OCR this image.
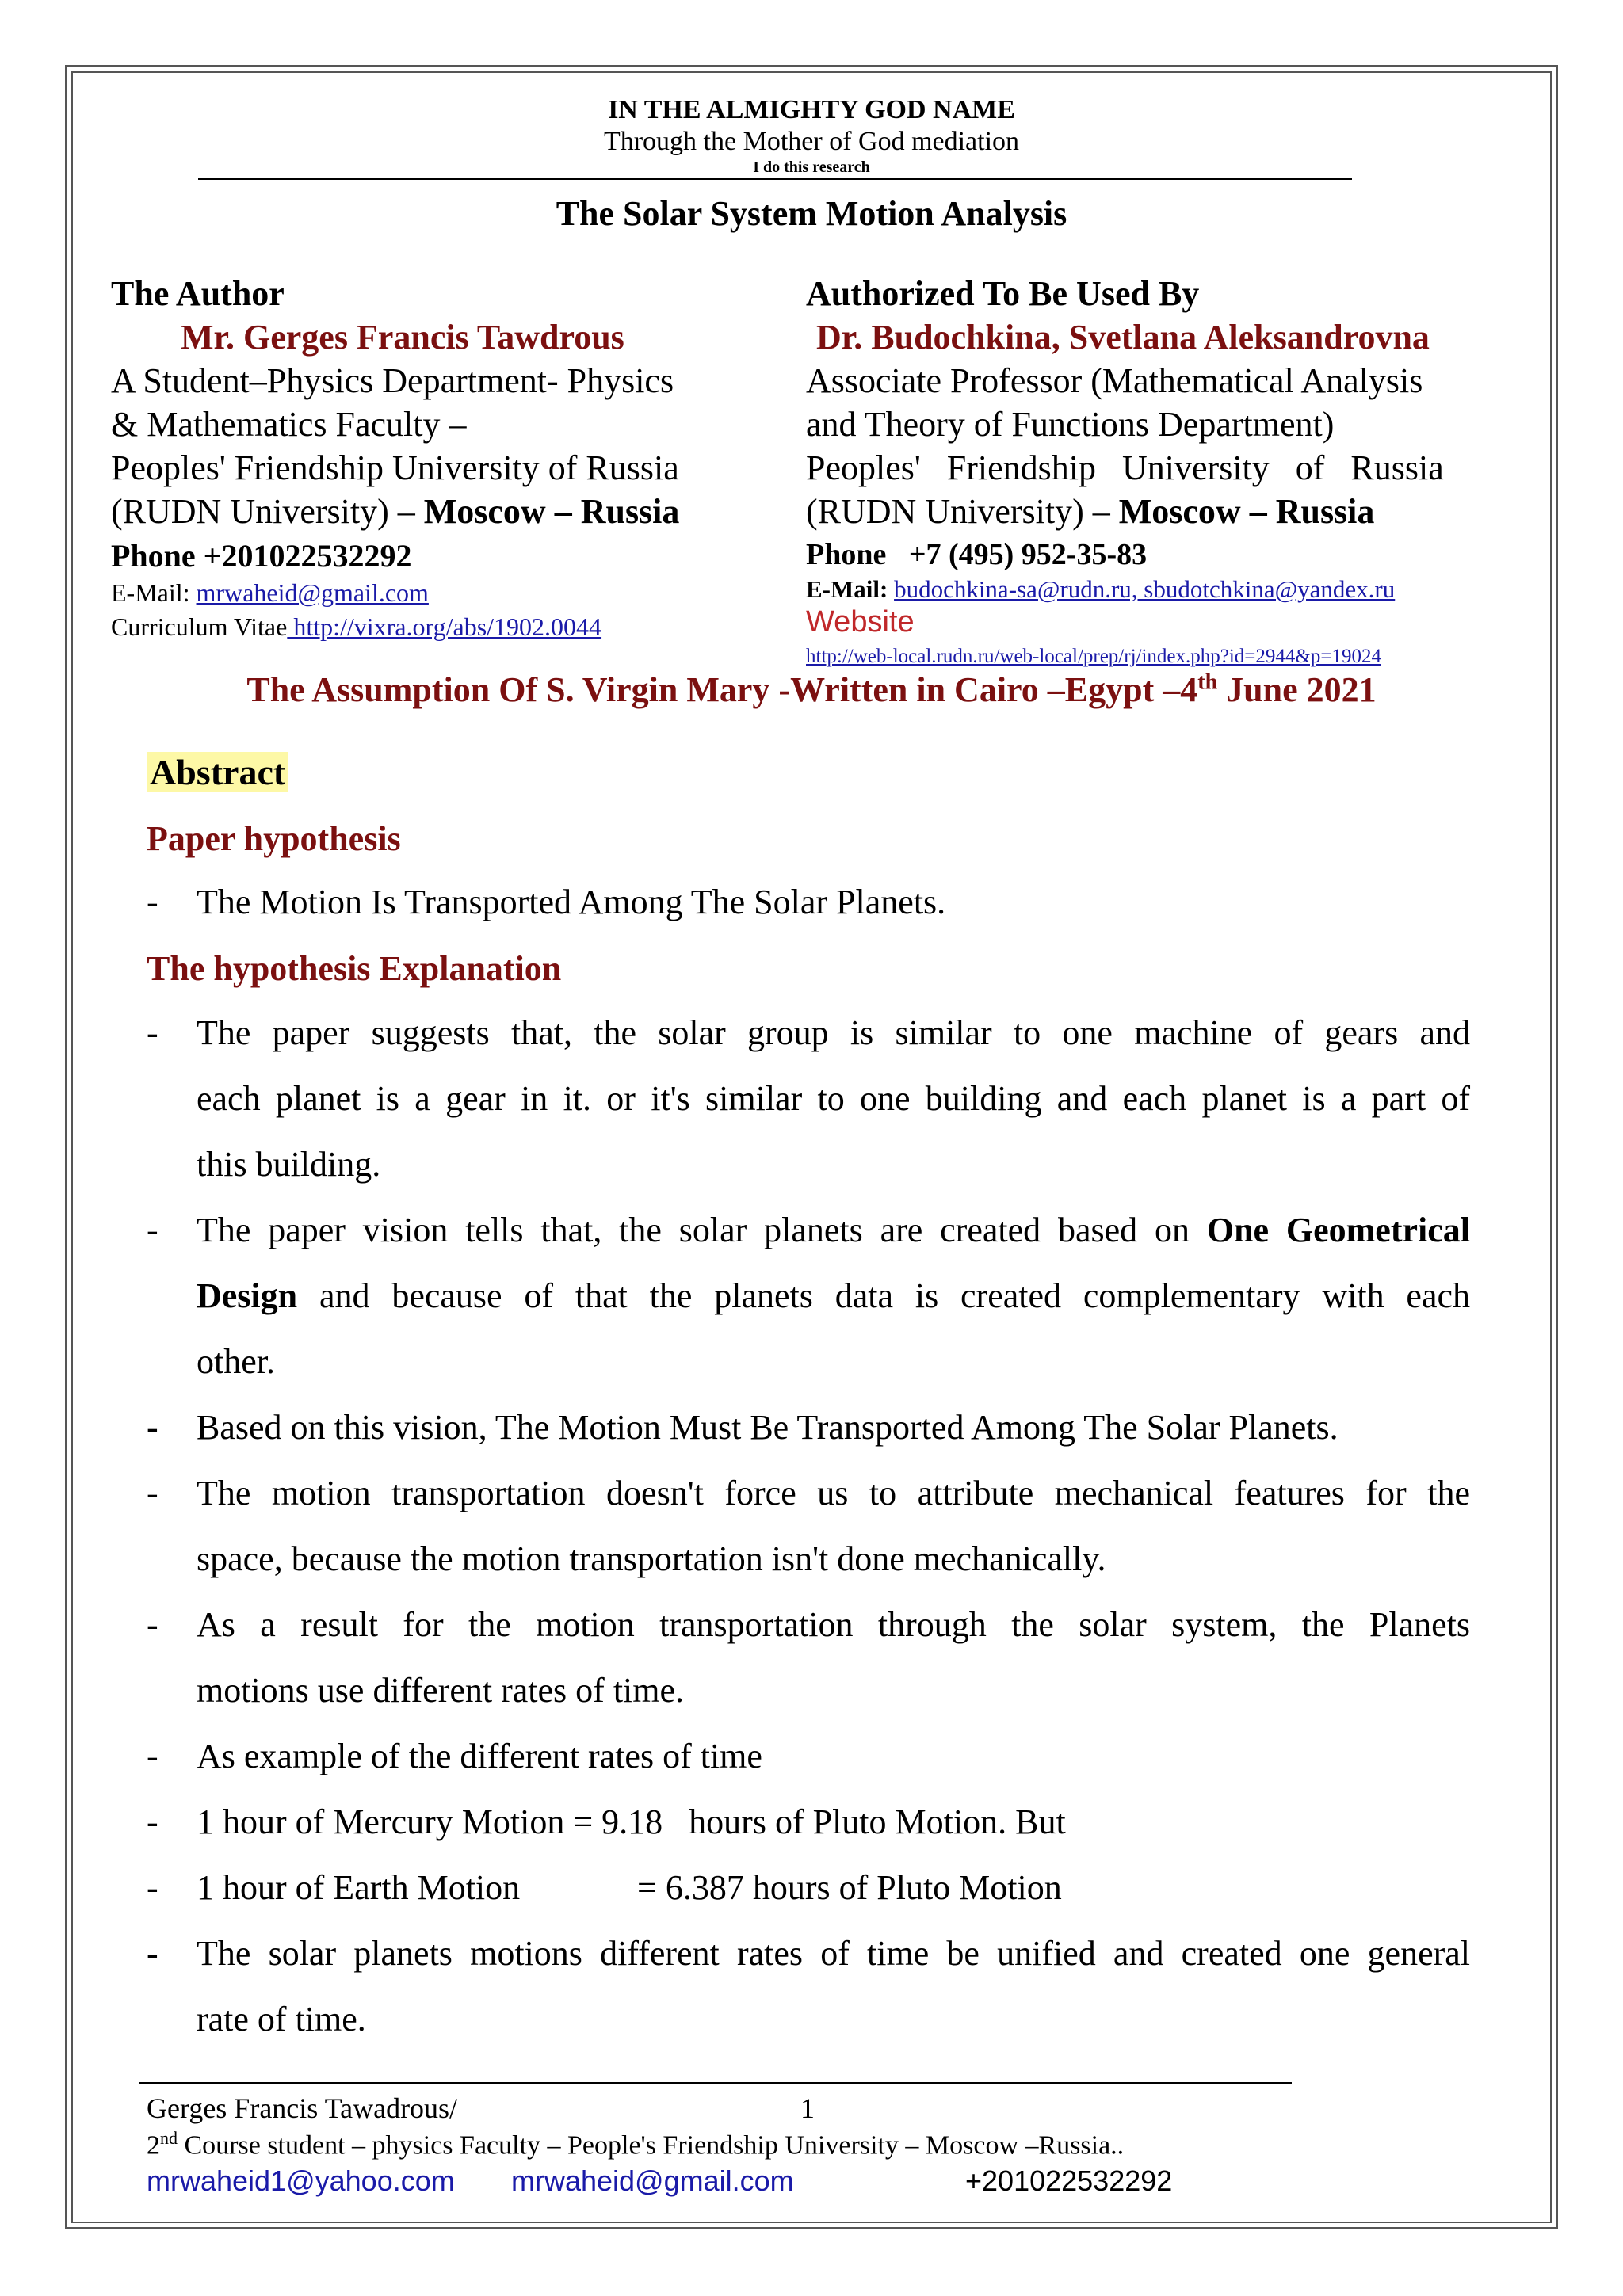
IN THE ALMIGHTY GOD NAME
Through the Mother of God mediation
I do this research
The Solar System Motion Analysis
The Author
Mr. Gerges Francis Tawdrous
A Student–Physics Department- Physics
& Mathematics Faculty –
Peoples' Friendship University of Russia
(RUDN University) – Moscow – Russia
Phone +201022532292
E-Mail: mrwaheid@gmail.com
Curriculum Vitae http://vixra.org/abs/1902.0044
Authorized To Be Used By
Dr. Budochkina, Svetlana Aleksandrovna
Associate Professor (Mathematical Analysis
and Theory of Functions Department)
Peoples'   Friendship   University   of   Russia
(RUDN University) – Moscow – Russia
Phone   +7 (495) 952-35-83
E-Mail: budochkina-sa@rudn.ru, sbudotchkina@yandex.ru
Website
http://web-local.rudn.ru/web-local/prep/rj/index.php?id=2944&p=19024
The Assumption Of S. Virgin Mary -Written in Cairo –Egypt –4th June 2021
Abstract
Paper hypothesis
- The Motion Is Transported Among The Solar Planets.
The hypothesis Explanation
- The paper suggests that, the solar group is similar to one machine of gears and
each planet is a gear in it. or it's similar to one building and each planet is a part of
this building.
- The paper vision tells that, the solar planets are created based on One Geometrical
Design and because of that the planets data is created complementary with each
other.
- Based on this vision, The Motion Must Be Transported Among The Solar Planets.
- The motion transportation doesn't force us to attribute mechanical features for the
space, because the motion transportation isn't done mechanically.
- As a result for the motion transportation through the solar system, the Planets
motions use different rates of time.
- As example of the different rates of time
- 1 hour of Mercury Motion = 9.18   hours of Pluto Motion. But
- 1 hour of Earth Motion	= 6.387 hours of Pluto Motion
- The solar planets motions different rates of time be unified and created one general
rate of time.
Gerges Francis Tawadrous/	1
2nd Course student – physics Faculty – People's Friendship University – Moscow –Russia..
mrwaheid1@yahoo.com mrwaheid@gmail.com	+201022532292
